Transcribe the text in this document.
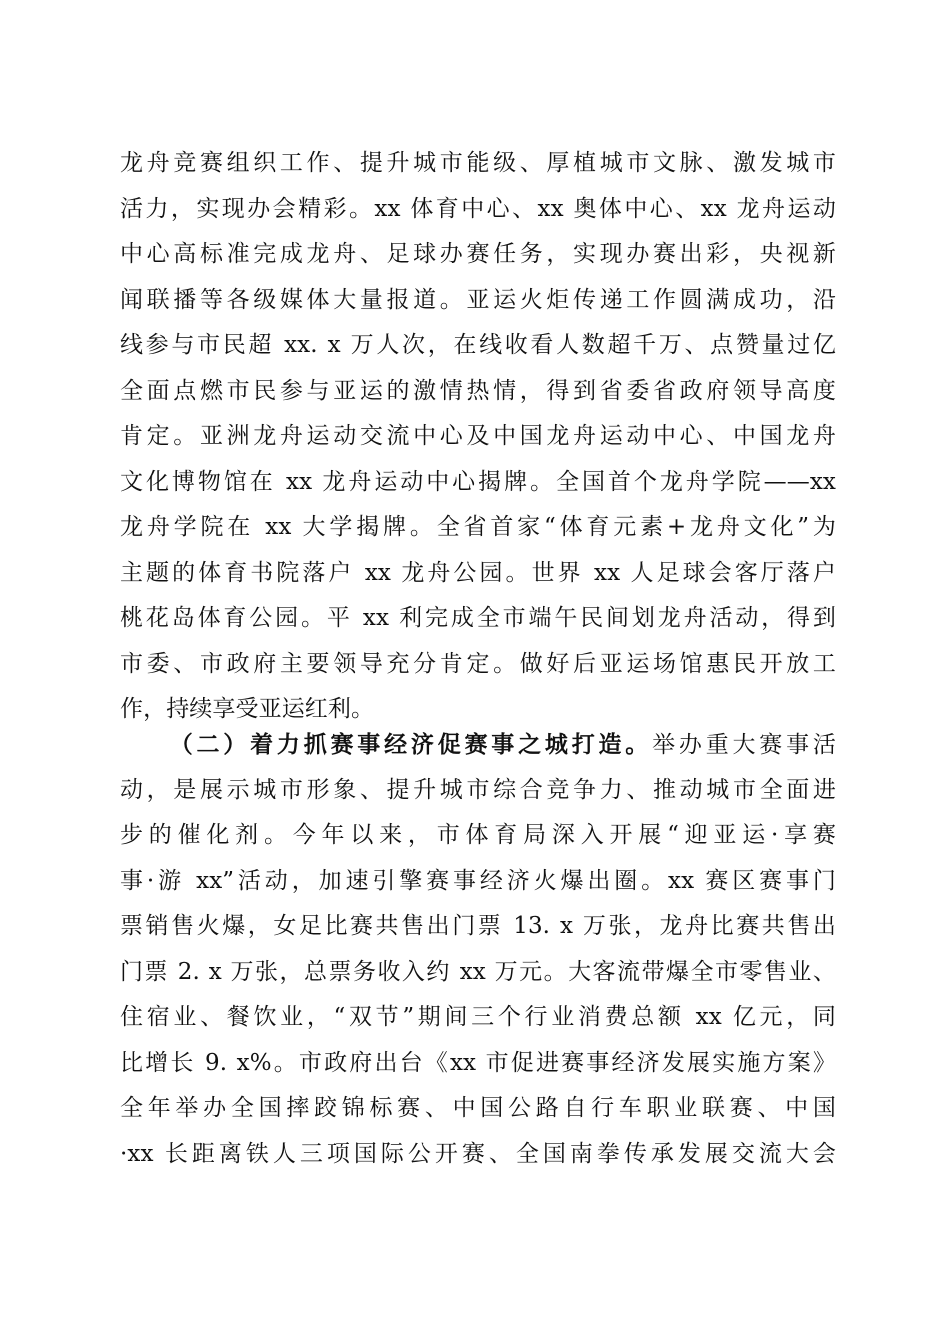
龙舟竞赛组织工作、提升城市能级、厚植城市文脉、激发城市
活力，实现办会精彩。xx 体育中心、xx 奥体中心、xx 龙舟运动
中心高标准完成龙舟、足球办赛任务，实现办赛出彩，央视新
闻联播等各级媒体大量报道。亚运火炬传递工作圆满成功，沿
线参与市民超 xx. x 万人次，在线收看人数超千万、点赞量过亿
全面点燃市民参与亚运的激情热情，得到省委省政府领导高度
肯定。亚洲龙舟运动交流中心及中国龙舟运动中心、中国龙舟
文化博物馆在 xx 龙舟运动中心揭牌。全国首个龙舟学院——xx
龙舟学院在 xx 大学揭牌。全省首家“体育元素+龙舟文化”为
主题的体育书院落户 xx 龙舟公园。世界 xx 人足球会客厅落户
桃花岛体育公园。平 xx 利完成全市端午民间划龙舟活动，得到
市委、市政府主要领导充分肯定。做好后亚运场馆惠民开放工
作，持续享受亚运红利。
（二）着力抓赛事经济促赛事之城打造。举办重大赛事活
动，是展示城市形象、提升城市综合竞争力、推动城市全面进
步的催化剂。今年以来，市体育局深入开展“迎亚运·享赛
事·游 xx”活动，加速引擎赛事经济火爆出圈。xx 赛区赛事门
票销售火爆，女足比赛共售出门票 13. x 万张，龙舟比赛共售出
门票 2. x 万张，总票务收入约 xx 万元。大客流带爆全市零售业、
住宿业、餐饮业，“双节”期间三个行业消费总额 xx 亿元，同
比增长 9. x%。市政府出台《xx 市促进赛事经济发展实施方案》
全年举办全国摔跤锦标赛、中国公路自行车职业联赛、中国
·xx 长距离铁人三项国际公开赛、全国南拳传承发展交流大会
